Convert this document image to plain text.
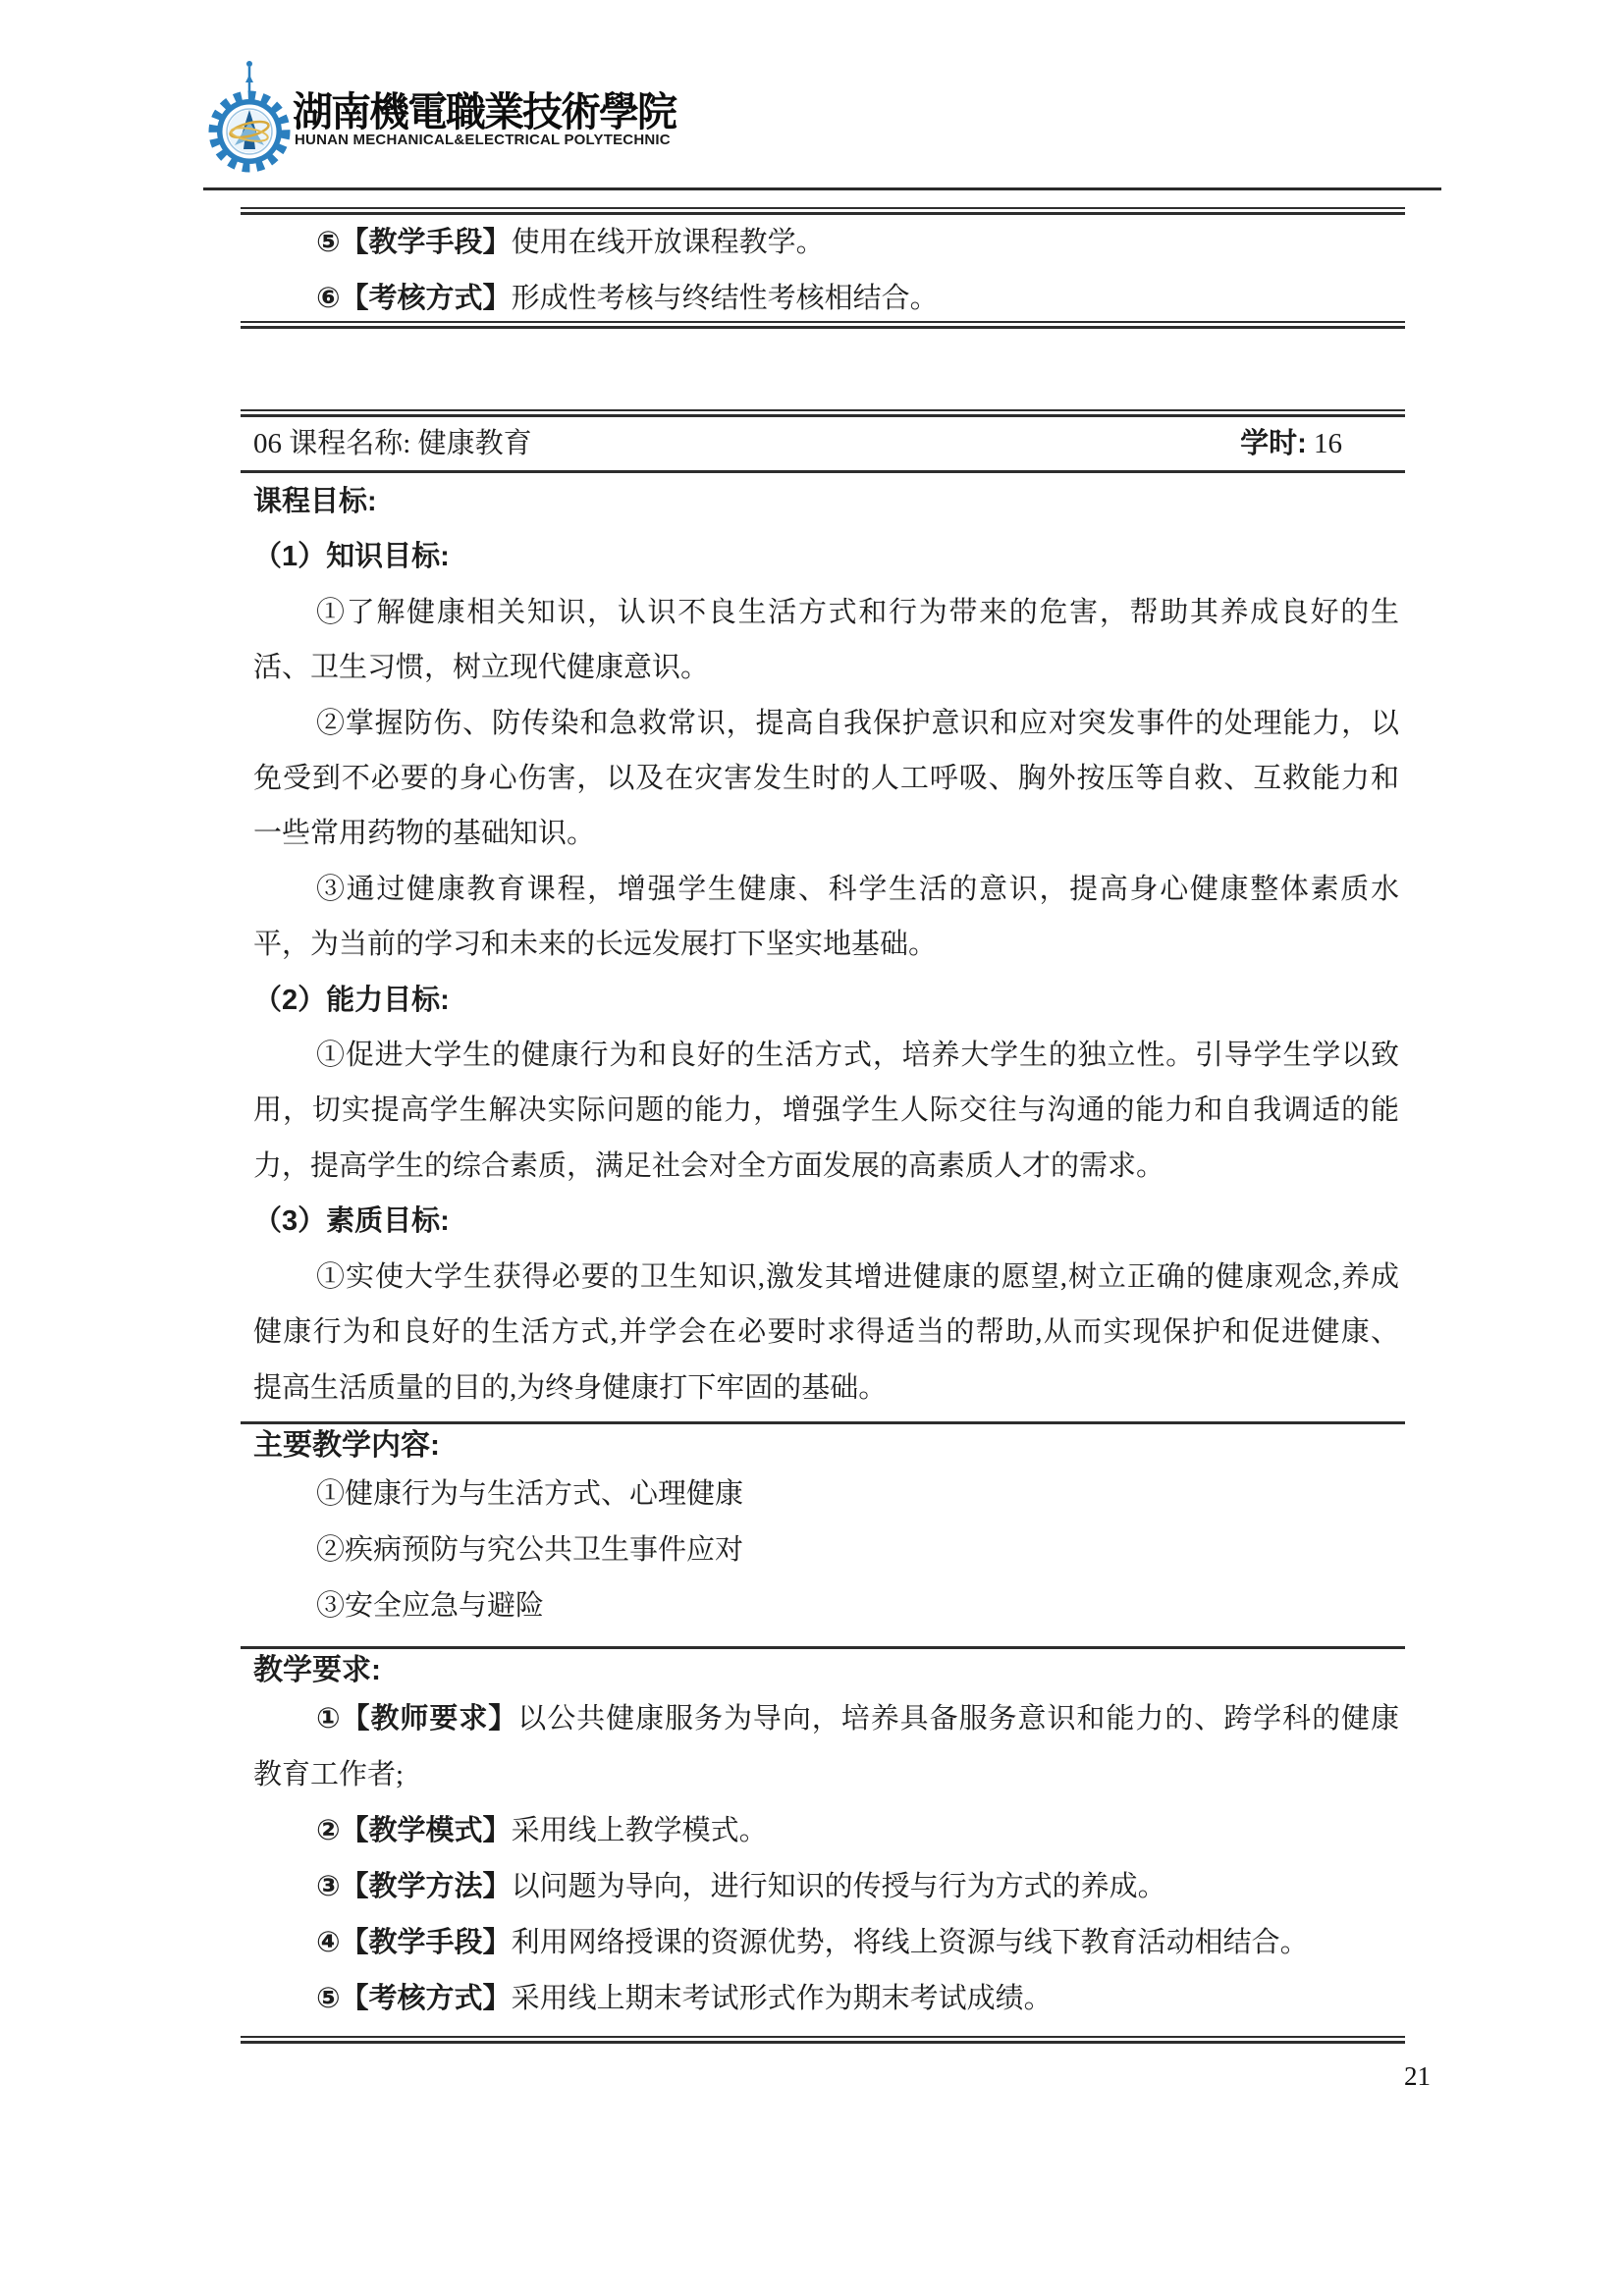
湖南機電職業技術學院
HUNAN MECHANICAL&ELECTRICAL POLYTECHNIC
⑤【教学手段】使用在线开放课程教学。
⑥【考核方式】形成性考核与终结性考核相结合。
06 课程名称: 健康教育	学时: 16
课程目标:
（1）知识目标:
①了解健康相关知识，认识不良生活方式和行为带来的危害，帮助其养成良好的生
活、卫生习惯，树立现代健康意识。
②掌握防伤、防传染和急救常识，提高自我保护意识和应对突发事件的处理能力，以
免受到不必要的身心伤害，以及在灾害发生时的人工呼吸、胸外按压等自救、互救能力和
一些常用药物的基础知识。
③通过健康教育课程，增强学生健康、科学生活的意识，提高身心健康整体素质水
平，为当前的学习和未来的长远发展打下坚实地基础。
（2）能力目标:
①促进大学生的健康行为和良好的生活方式，培养大学生的独立性。引导学生学以致
用，切实提高学生解决实际问题的能力，增强学生人际交往与沟通的能力和自我调适的能
力，提高学生的综合素质，满足社会对全方面发展的高素质人才的需求。
（3）素质目标:
①实使大学生获得必要的卫生知识,激发其增进健康的愿望,树立正确的健康观念,养成
健康行为和良好的生活方式,并学会在必要时求得适当的帮助,从而实现保护和促进健康、
提高生活质量的目的,为终身健康打下牢固的基础。
主要教学内容:
①健康行为与生活方式、心理健康
②疾病预防与究公共卫生事件应对
③安全应急与避险
教学要求:
①【教师要求】以公共健康服务为导向，培养具备服务意识和能力的、跨学科的健康
教育工作者;
②【教学模式】采用线上教学模式。
③【教学方法】以问题为导向，进行知识的传授与行为方式的养成。
④【教学手段】利用网络授课的资源优势，将线上资源与线下教育活动相结合。
⑤【考核方式】采用线上期末考试形式作为期末考试成绩。
21
